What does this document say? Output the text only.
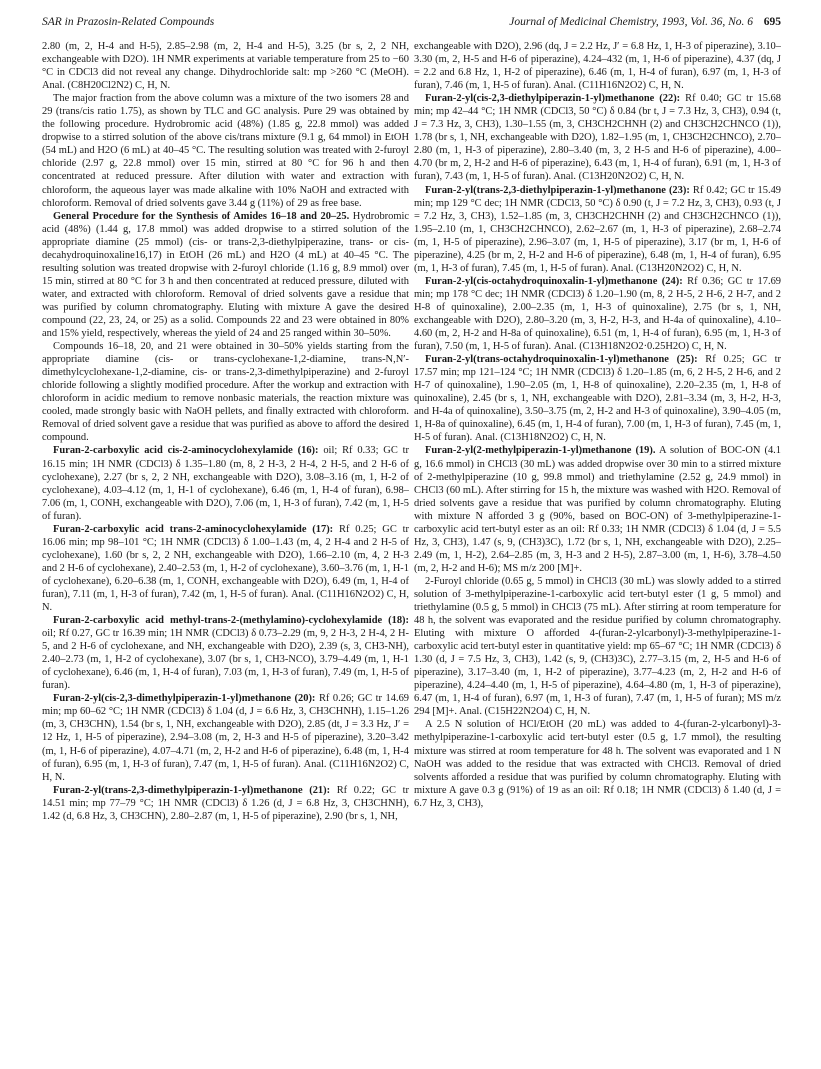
SAR in Prazosin-Related Compounds	Journal of Medicinal Chemistry, 1993, Vol. 36, No. 6 695

2.80 (m, 2, H-4 and H-5), 2.85–2.98 (m, 2, H-4 and H-5), 3.25 (br s, 2, 2 NH, exchangeable with D2O). 1H NMR experiments at variable temperature from 25 to −60 °C in CDCl3 did not reveal any change. Dihydrochloride salt: mp >260 °C (MeOH). Anal. (C8H20Cl2N2) C, H, N.

The major fraction from the above column was a mixture of the two isomers 28 and 29 (trans/cis ratio 1.75), as shown by TLC and GC analysis. Pure 29 was obtained by the following procedure. Hydrobromic acid (48%) (1.85 g, 22.8 mmol) was added dropwise to a stirred solution of the above cis/trans mixture (9.1 g, 64 mmol) in EtOH (54 mL) and H2O (6 mL) at 40–45 °C. The resulting solution was treated with 2-furoyl chloride (2.97 g, 22.8 mmol) over 15 min, stirred at 80 °C for 96 h and then concentrated at reduced pressure. After dilution with water and extraction with chloroform, the aqueous layer was made alkaline with 10% NaOH and extracted with chloroform. Removal of dried solvents gave 3.44 g (11%) of 29 as free base.

General Procedure for the Synthesis of Amides 16–18 and 20–25. Hydrobromic acid (48%) (1.44 g, 17.8 mmol) was added dropwise to a stirred solution of the appropriate diamine (25 mmol) (cis- or trans-2,3-diethylpiperazine, trans- or cis-decahydroquinoxaline16,17) in EtOH (26 mL) and H2O (4 mL) at 40–45 °C. The resulting solution was treated dropwise with 2-furoyl chloride (1.16 g, 8.9 mmol) over 15 min, stirred at 80 °C for 3 h and then concentrated at reduced pressure, diluted with water, and extracted with chloroform. Removal of dried solvents gave a residue that was purified by column chromatography. Eluting with mixture A gave the desired compound (22, 23, 24, or 25) as a solid. Compounds 22 and 23 were obtained in 80% and 15% yield, respectively, whereas the yield of 24 and 25 ranged within 30–50%.

Compounds 16–18, 20, and 21 were obtained in 30–50% yields starting from the appropriate diamine (cis- or trans-cyclohexane-1,2-diamine, trans-N,N′-dimethylcyclohexane-1,2-diamine, cis- or trans-2,3-dimethylpiperazine) and 2-furoyl chloride following a slightly modified procedure. After the workup and extraction with chloroform in acidic medium to remove nonbasic materials, the reaction mixture was cooled, made strongly basic with NaOH pellets, and finally extracted with chloroform. Removal of dried solvent gave a residue that was purified as above to afford the desired compound.

Furan-2-carboxylic acid cis-2-aminocyclohexylamide (16): oil; Rf 0.33; GC tr 16.15 min; 1H NMR (CDCl3) δ 1.35–1.80 (m, 8, 2 H-3, 2 H-4, 2 H-5, and 2 H-6 of cyclohexane), 2.27 (br s, 2, 2 NH, exchangeable with D2O), 3.08–3.16 (m, 1, H-2 of cyclohexane), 4.03–4.12 (m, 1, H-1 of cyclohexane), 6.46 (m, 1, H-4 of furan), 6.98–7.06 (m, 1, CONH, exchangeable with D2O), 7.06 (m, 1, H-3 of furan), 7.42 (m, 1, H-5 of furan).

Furan-2-carboxylic acid trans-2-aminocyclohexylamide (17): Rf 0.25; GC tr 16.06 min; mp 98–101 °C; 1H NMR (CDCl3) δ 1.00–1.43 (m, 4, 2 H-4 and 2 H-5 of cyclohexane), 1.60 (br s, 2, 2 NH, exchangeable with D2O), 1.66–2.10 (m, 4, 2 H-3 and 2 H-6 of cyclohexane), 2.40–2.53 (m, 1, H-2 of cyclohexane), 3.60–3.76 (m, 1, H-1 of cyclohexane), 6.20–6.38 (m, 1, CONH, exchangeable with D2O), 6.49 (m, 1, H-4 of furan), 7.11 (m, 1, H-3 of furan), 7.42 (m, 1, H-5 of furan). Anal. (C11H16N2O2) C, H, N.

Furan-2-carboxylic acid methyl-trans-2-(methylamino)-cyclohexylamide (18): oil; Rf 0.27, GC tr 16.39 min; 1H NMR (CDCl3) δ 0.73–2.29 (m, 9, 2 H-3, 2 H-4, 2 H-5, and 2 H-6 of cyclohexane, and NH, exchangeable with D2O), 2.39 (s, 3, CH3-NH), 2.40–2.73 (m, 1, H-2 of cyclohexane), 3.07 (br s, 1, CH3-NCO), 3.79–4.49 (m, 1, H-1 of cyclohexane), 6.46 (m, 1, H-4 of furan), 7.03 (m, 1, H-3 of furan), 7.49 (m, 1, H-5 of furan).

Furan-2-yl(cis-2,3-dimethylpiperazin-1-yl)methanone (20): Rf 0.26; GC tr 14.69 min; mp 60–62 °C; 1H NMR (CDCl3) δ 1.04 (d, J = 6.6 Hz, 3, CH3CHNH), 1.15–1.26 (m, 3, CH3CHN), 1.54 (br s, 1, NH, exchangeable with D2O), 2.85 (dt, J = 3.3 Hz, J′ = 12 Hz, 1, H-5 of piperazine), 2.94–3.08 (m, 2, H-3 and H-5 of piperazine), 3.20–3.42 (m, 1, H-6 of piperazine), 4.07–4.71 (m, 2, H-2 and H-6 of piperazine), 6.48 (m, 1, H-4 of furan), 6.95 (m, 1, H-3 of furan), 7.47 (m, 1, H-5 of furan). Anal. (C11H16N2O2) C, H, N.

Furan-2-yl(trans-2,3-dimethylpiperazin-1-yl)methanone (21): Rf 0.22; GC tr 14.51 min; mp 77–79 °C; 1H NMR (CDCl3) δ 1.26 (d, J = 6.8 Hz, 3, CH3CHNH), 1.42 (d, 6.8 Hz, 3, CH3CHN), 2.80–2.87 (m, 1, H-5 of piperazine), 2.90 (br s, 1, NH,

exchangeable with D2O), 2.96 (dq, J = 2.2 Hz, J′ = 6.8 Hz, 1, H-3 of piperazine), 3.10–3.30 (m, 2, H-5 and H-6 of piperazine), 4.24–432 (m, 1, H-6 of piperazine), 4.37 (dq, J = 2.2 and 6.8 Hz, 1, H-2 of piperazine), 6.46 (m, 1, H-4 of furan), 6.97 (m, 1, H-3 of furan), 7.46 (m, 1, H-5 of furan). Anal. (C11H16N2O2) C, H, N.

Furan-2-yl(cis-2,3-diethylpiperazin-1-yl)methanone (22): Rf 0.40; GC tr 15.68 min; mp 42–44 °C; 1H NMR (CDCl3, 50 °C) δ 0.84 (br t, J = 7.3 Hz, 3, CH3), 0.94 (t, J = 7.3 Hz, 3, CH3), 1.30–1.55 (m, 3, CH3CH2CHNH (2) and CH3CH2CHNCO (1)), 1.78 (br s, 1, NH, exchangeable with D2O), 1.82–1.95 (m, 1, CH3CH2CHNCO), 2.70–2.80 (m, 1, H-3 of piperazine), 2.80–3.40 (m, 3, 2 H-5 and H-6 of piperazine), 4.00–4.70 (br m, 2, H-2 and H-6 of piperazine), 6.43 (m, 1, H-4 of furan), 6.91 (m, 1, H-3 of furan), 7.43 (m, 1, H-5 of furan). Anal. (C13H20N2O2) C, H, N.

Furan-2-yl(trans-2,3-diethylpiperazin-1-yl)methanone (23): Rf 0.42; GC tr 15.49 min; mp 129 °C dec; 1H NMR (CDCl3, 50 °C) δ 0.90 (t, J = 7.2 Hz, 3, CH3), 0.93 (t, J = 7.2 Hz, 3, CH3), 1.52–1.85 (m, 3, CH3CH2CHNH (2) and CH3CH2CHNCO (1)), 1.95–2.10 (m, 1, CH3CH2CHNCO), 2.62–2.67 (m, 1, H-3 of piperazine), 2.68–2.74 (m, 1, H-5 of piperazine), 2.96–3.07 (m, 1, H-5 of piperazine), 3.17 (br m, 1, H-6 of piperazine), 4.25 (br m, 2, H-2 and H-6 of piperazine), 6.48 (m, 1, H-4 of furan), 6.95 (m, 1, H-3 of furan), 7.45 (m, 1, H-5 of furan). Anal. (C13H20N2O2) C, H, N.

Furan-2-yl(cis-octahydroquinoxalin-1-yl)methanone (24): Rf 0.36; GC tr 17.69 min; mp 178 °C dec; 1H NMR (CDCl3) δ 1.20–1.90 (m, 8, 2 H-5, 2 H-6, 2 H-7, and 2 H-8 of quinoxaline), 2.00–2.35 (m, 1, H-3 of quinoxaline), 2.75 (br s, 1, NH, exchangeable with D2O), 2.80–3.20 (m, 3, H-2, H-3, and H-4a of quinoxaline), 4.10–4.60 (m, 2, H-2 and H-8a of quinoxaline), 6.51 (m, 1, H-4 of furan), 6.95 (m, 1, H-3 of furan), 7.50 (m, 1, H-5 of furan). Anal. (C13H18N2O2·0.25H2O) C, H, N.

Furan-2-yl(trans-octahydroquinoxalin-1-yl)methanone (25): Rf 0.25; GC tr 17.57 min; mp 121–124 °C; 1H NMR (CDCl3) δ 1.20–1.85 (m, 6, 2 H-5, 2 H-6, and 2 H-7 of quinoxaline), 1.90–2.05 (m, 1, H-8 of quinoxaline), 2.20–2.35 (m, 1, H-8 of quinoxaline), 2.45 (br s, 1, NH, exchangeable with D2O), 2.81–3.34 (m, 3, H-2, H-3, and H-4a of quinoxaline), 3.50–3.75 (m, 2, H-2 and H-3 of quinoxaline), 3.90–4.05 (m, 1, H-8a of quinoxaline), 6.45 (m, 1, H-4 of furan), 7.00 (m, 1, H-3 of furan), 7.45 (m, 1, H-5 of furan). Anal. (C13H18N2O2) C, H, N.

Furan-2-yl(2-methylpiperazin-1-yl)methanone (19). A solution of BOC-ON (4.1 g, 16.6 mmol) in CHCl3 (30 mL) was added dropwise over 30 min to a stirred mixture of 2-methylpiperazine (10 g, 99.8 mmol) and triethylamine (2.52 g, 24.9 mmol) in CHCl3 (60 mL). After stirring for 15 h, the mixture was washed with H2O. Removal of dried solvents gave a residue that was purified by column chromatography. Eluting with mixture N afforded 3 g (90%, based on BOC-ON) of 3-methylpiperazine-1-carboxylic acid tert-butyl ester as an oil: Rf 0.33; 1H NMR (CDCl3) δ 1.04 (d, J = 5.5 Hz, 3, CH3), 1.47 (s, 9, (CH3)3C), 1.72 (br s, 1, NH, exchangeable with D2O), 2.25–2.49 (m, 1, H-2), 2.64–2.85 (m, 3, H-3 and 2 H-5), 2.87–3.00 (m, 1, H-6), 3.78–4.50 (m, 2, H-2 and H-6); MS m/z 200 [M]+.

2-Furoyl chloride (0.65 g, 5 mmol) in CHCl3 (30 mL) was slowly added to a stirred solution of 3-methylpiperazine-1-carboxylic acid tert-butyl ester (1 g, 5 mmol) and triethylamine (0.5 g, 5 mmol) in CHCl3 (75 mL). After stirring at room temperature for 48 h, the solvent was evaporated and the residue purified by column chromatography. Eluting with mixture O afforded 4-(furan-2-ylcarbonyl)-3-methylpiperazine-1-carboxylic acid tert-butyl ester in quantitative yield: mp 65–67 °C; 1H NMR (CDCl3) δ 1.30 (d, J = 7.5 Hz, 3, CH3), 1.42 (s, 9, (CH3)3C), 2.77–3.15 (m, 2, H-5 and H-6 of piperazine), 3.17–3.40 (m, 1, H-2 of piperazine), 3.77–4.23 (m, 2, H-2 and H-6 of piperazine), 4.24–4.40 (m, 1, H-5 of piperazine), 4.64–4.80 (m, 1, H-3 of piperazine), 6.47 (m, 1, H-4 of furan), 6.97 (m, 1, H-3 of furan), 7.47 (m, 1, H-5 of furan); MS m/z 294 [M]+. Anal. (C15H22N2O4) C, H, N.

A 2.5 N solution of HCl/EtOH (20 mL) was added to 4-(furan-2-ylcarbonyl)-3-methylpiperazine-1-carboxylic acid tert-butyl ester (0.5 g, 1.7 mmol), the resulting mixture was stirred at room temperature for 48 h. The solvent was evaporated and 1 N NaOH was added to the residue that was extracted with CHCl3. Removal of dried solvents afforded a residue that was purified by column chromatography. Eluting with mixture A gave 0.3 g (91%) of 19 as an oil: Rf 0.18; 1H NMR (CDCl3) δ 1.40 (d, J = 6.7 Hz, 3, CH3),
